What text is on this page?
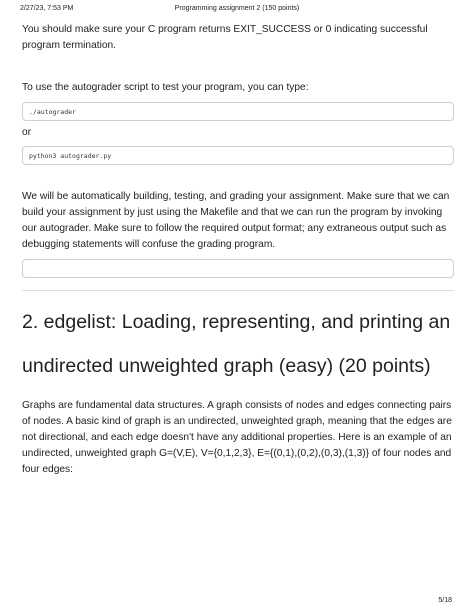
2/27/23, 7:53 PM	Programming assignment 2 (150 points)

You should make sure your C program returns EXIT_SUCCESS or 0 indicating successful program termination.

To use the autograder script to test your program, you can type:

./autograder
or
python3 autograder.py

We will be automatically building, testing, and grading your assignment. Make sure that we can build your assignment by just using the Makefile and that we can run the program by invoking our autograder. Make sure to follow the required output format; any extraneous output such as debugging statements will confuse the grading program.

2. edgelist: Loading, representing, and printing an
undirected unweighted graph (easy) (20 points)

Graphs are fundamental data structures. A graph consists of nodes and edges connecting pairs of nodes. A basic kind of graph is an undirected, unweighted graph, meaning that the edges are not directional, and each edge doesn't have any additional properties. Here is an example of an undirected, unweighted graph G=(V,E), V={0,1,2,3}, E={(0,1),(0,2),(0,3),(1,3)} of four nodes and four edges:

5/18
